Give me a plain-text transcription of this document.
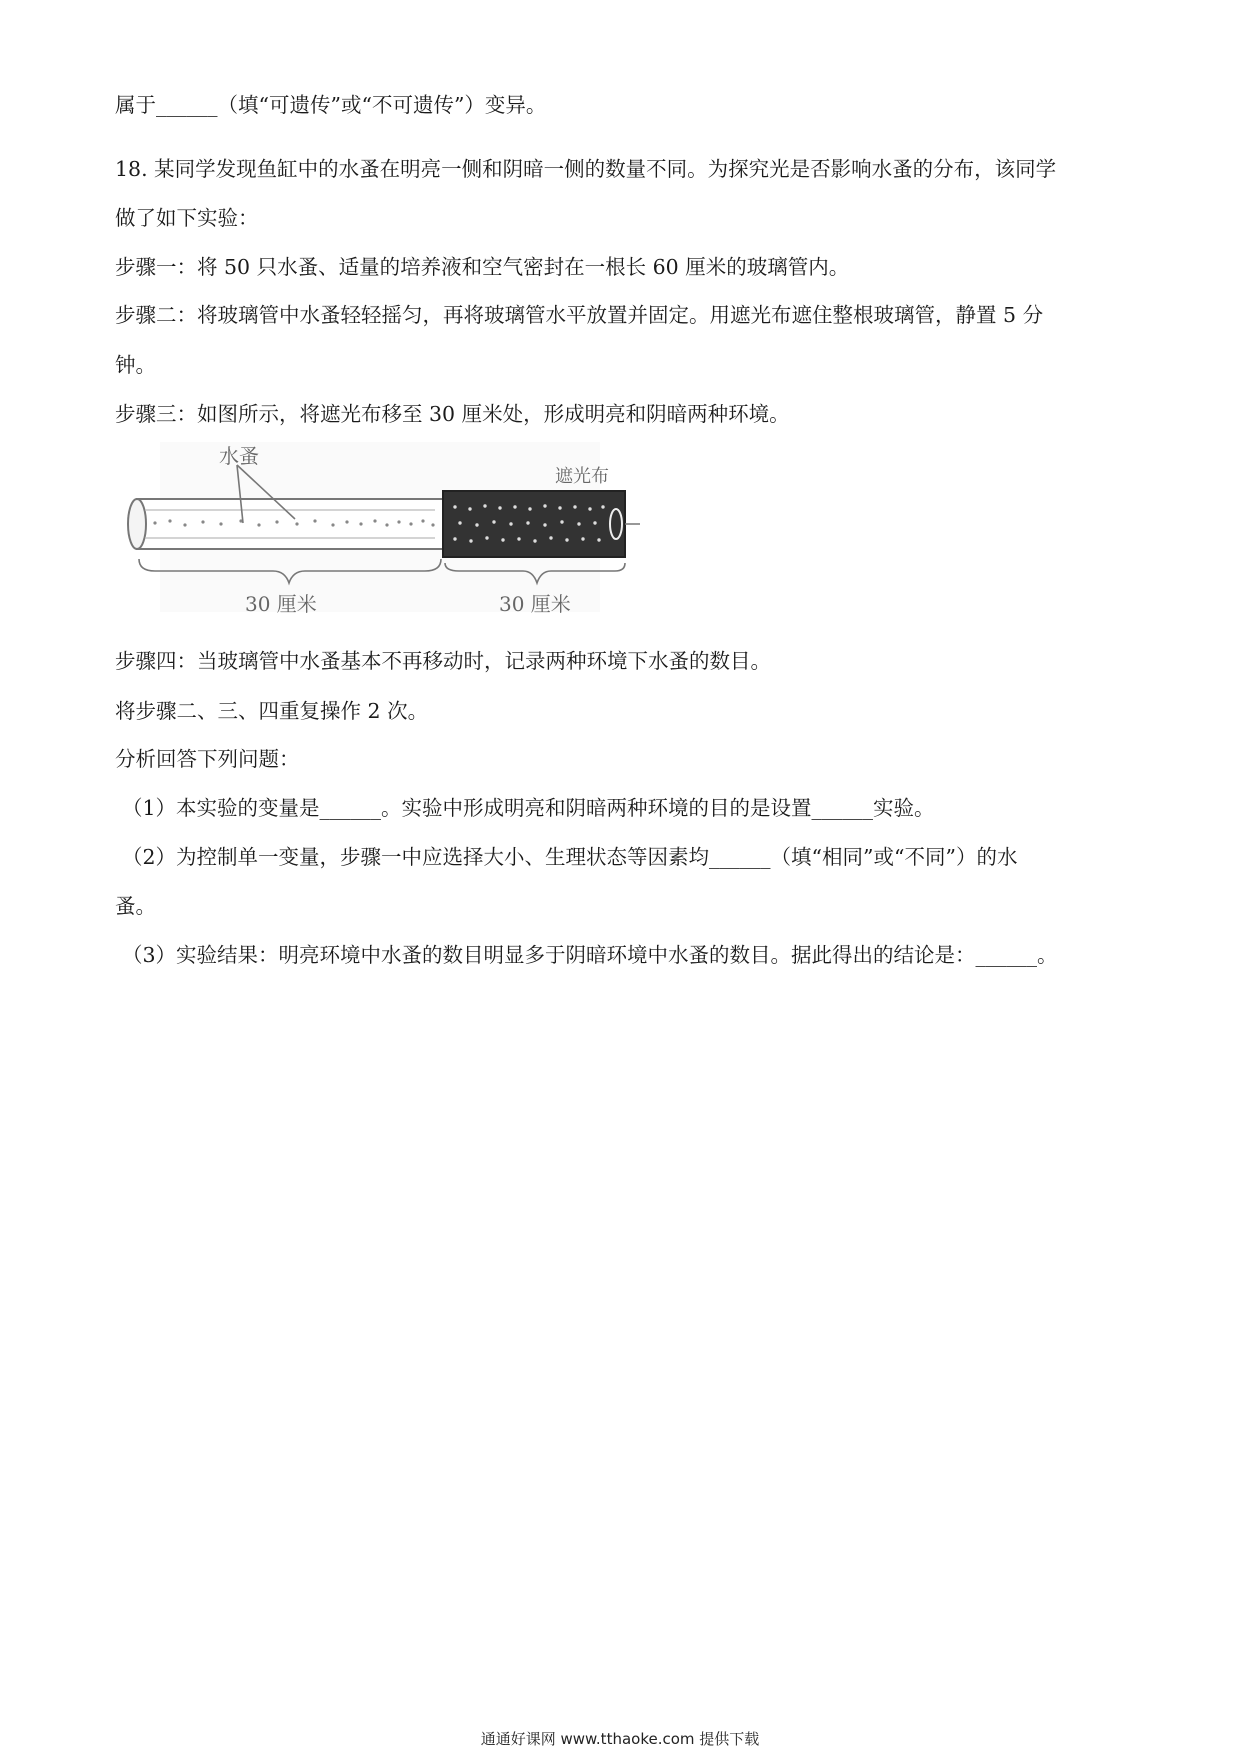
属于______（填“可遗传”或“不可遗传”）变异。
18. 某同学发现鱼缸中的水蚤在明亮一侧和阴暗一侧的数量不同。为探究光是否影响水蚤的分布，该同学
做了如下实验：
步骤一：将 50 只水蚤、适量的培养液和空气密封在一根长 60 厘米的玻璃管内。
步骤二：将玻璃管中水蚤轻轻摇匀，再将玻璃管水平放置并固定。用遮光布遮住整根玻璃管，静置 5 分
钟。
步骤三：如图所示，将遮光布移至 30 厘米处，形成明亮和阴暗两种环境。
水蚤
遮光布
30 厘米	30 厘米
步骤四：当玻璃管中水蚤基本不再移动时，记录两种环境下水蚤的数目。
将步骤二、三、四重复操作 2 次。
分析回答下列问题：
（1）本实验的变量是______。实验中形成明亮和阴暗两种环境的目的是设置______实验。
（2）为控制单一变量，步骤一中应选择大小、生理状态等因素均______（填“相同”或“不同”）的水
蚤。
（3）实验结果：明亮环境中水蚤的数目明显多于阴暗环境中水蚤的数目。据此得出的结论是：______。
通通好课网 www.tthaoke.com 提供下载
